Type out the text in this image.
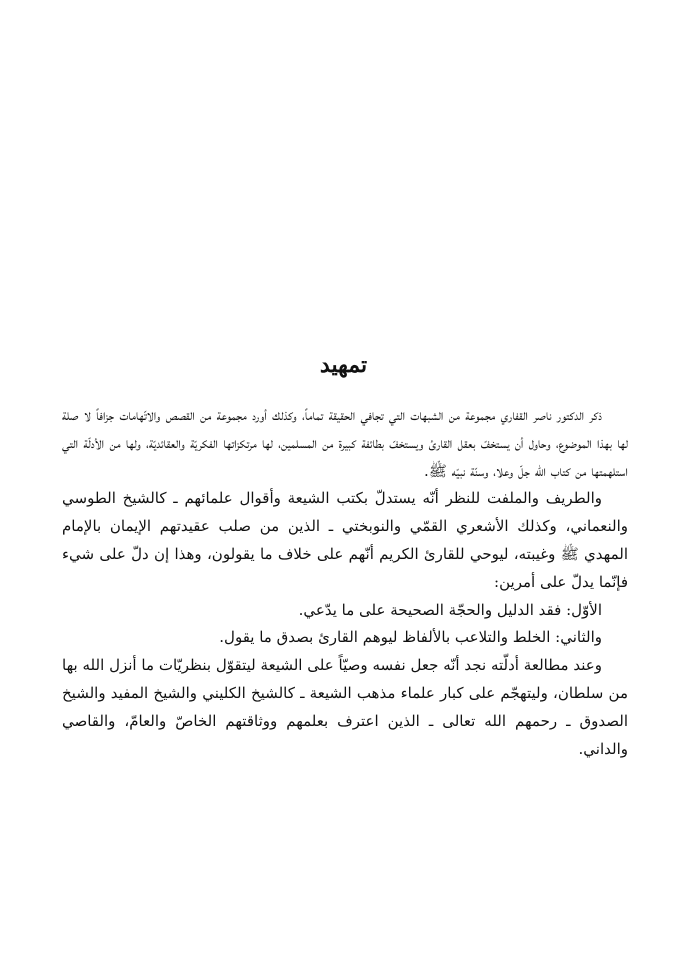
تمهيد

ذكر الدكتور ناصر القفاري مجموعة من الشبهات التي تجافي الحقيقة تماماً، وكذلك أورد مجموعة من القصص والاتّهامات جزافاً لا صلة لها بهذا الموضوع، وحاول أن يستخفّ بعقل القارئ ويستخفّ بطائفة كبيرة من المسلمين، لها مرتكزاتها الفكريّة والعقائديّة، ولها من الأدلّة التي استلهمتها من كتاب الله جلّ وعلا، وسنّة نبيّه ﷺ.

والطريف والملفت للنظر أنّه يستدلّ بكتب الشيعة وأقوال علمائهم ـ كالشيخ الطوسي والنعماني، وكذلك الأشعري القمّي والنوبختي ـ الذين من صلب عقيدتهم الإيمان بالإمام المهدي ﷺ وغيبته، ليوحي للقارئ الكريم أنّهم على خلاف ما يقولون، وهذا إن دلّ على شيء فإنّما يدلّ على أمرين:

الأوّل: فقد الدليل والحجّة الصحيحة على ما يدّعي.

والثاني: الخلط والتلاعب بالألفاظ ليوهم القارئ بصدق ما يقول.

وعند مطالعة أدلّته نجد أنّه جعل نفسه وصيّاً على الشيعة ليتقوّل بنظريّات ما أنزل الله بها من سلطان، وليتهجّم على كبار علماء مذهب الشيعة ـ كالشيخ الكليني والشيخ المفيد والشيخ الصدوق ـ رحمهم الله تعالى ـ الذين اعترف بعلمهم ووثاقتهم الخاصّ والعامّ، والقاصي والداني.
